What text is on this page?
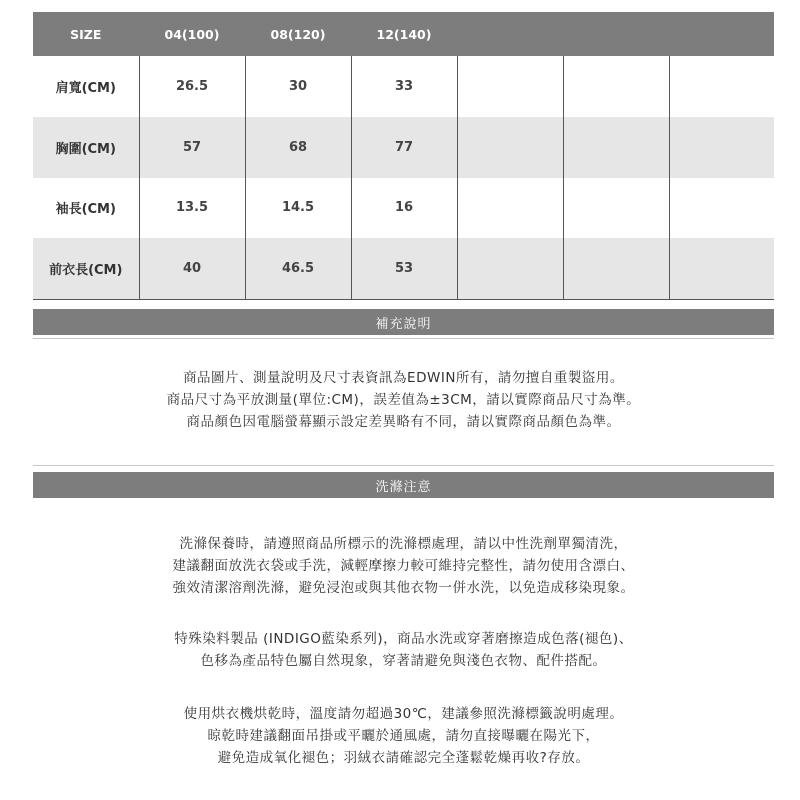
SIZE	04(100)	08(120)	12(140)			
肩寬(CM)	26.5	30	33			
胸圍(CM)	57	68	77			
袖長(CM)	13.5	14.5	16			
前衣長(CM)	40	46.5	53			
補充說明

商品圖片、測量說明及尺寸表資訊為EDWIN所有，請勿擅自重製盜用。

商品尺寸為平放測量(單位:CM)，誤差值為±3CM，請以實際商品尺寸為準。

商品顏色因電腦螢幕顯示設定差異略有不同，請以實際商品顏色為準。

洗滌注意

洗滌保養時，請遵照商品所標示的洗滌標處理，請以中性洗劑單獨清洗，

建議翻面放洗衣袋或手洗，減輕摩擦力較可維持完整性，請勿使用含漂白、

強效清潔溶劑洗滌，避免浸泡或與其他衣物一併水洗，以免造成移染現象。

特殊染料製品 (INDIGO藍染系列)，商品水洗或穿著磨擦造成色落(褪色)、

色移為產品特色屬自然現象，穿著請避免與淺色衣物、配件搭配。

使用烘衣機烘乾時，溫度請勿超過30℃，建議參照洗滌標籤說明處理。

晾乾時建議翻面吊掛或平曬於通風處，請勿直接曝曬在陽光下，

避免造成氧化褪色；羽絨衣請確認完全蓬鬆乾燥再收?存放。
